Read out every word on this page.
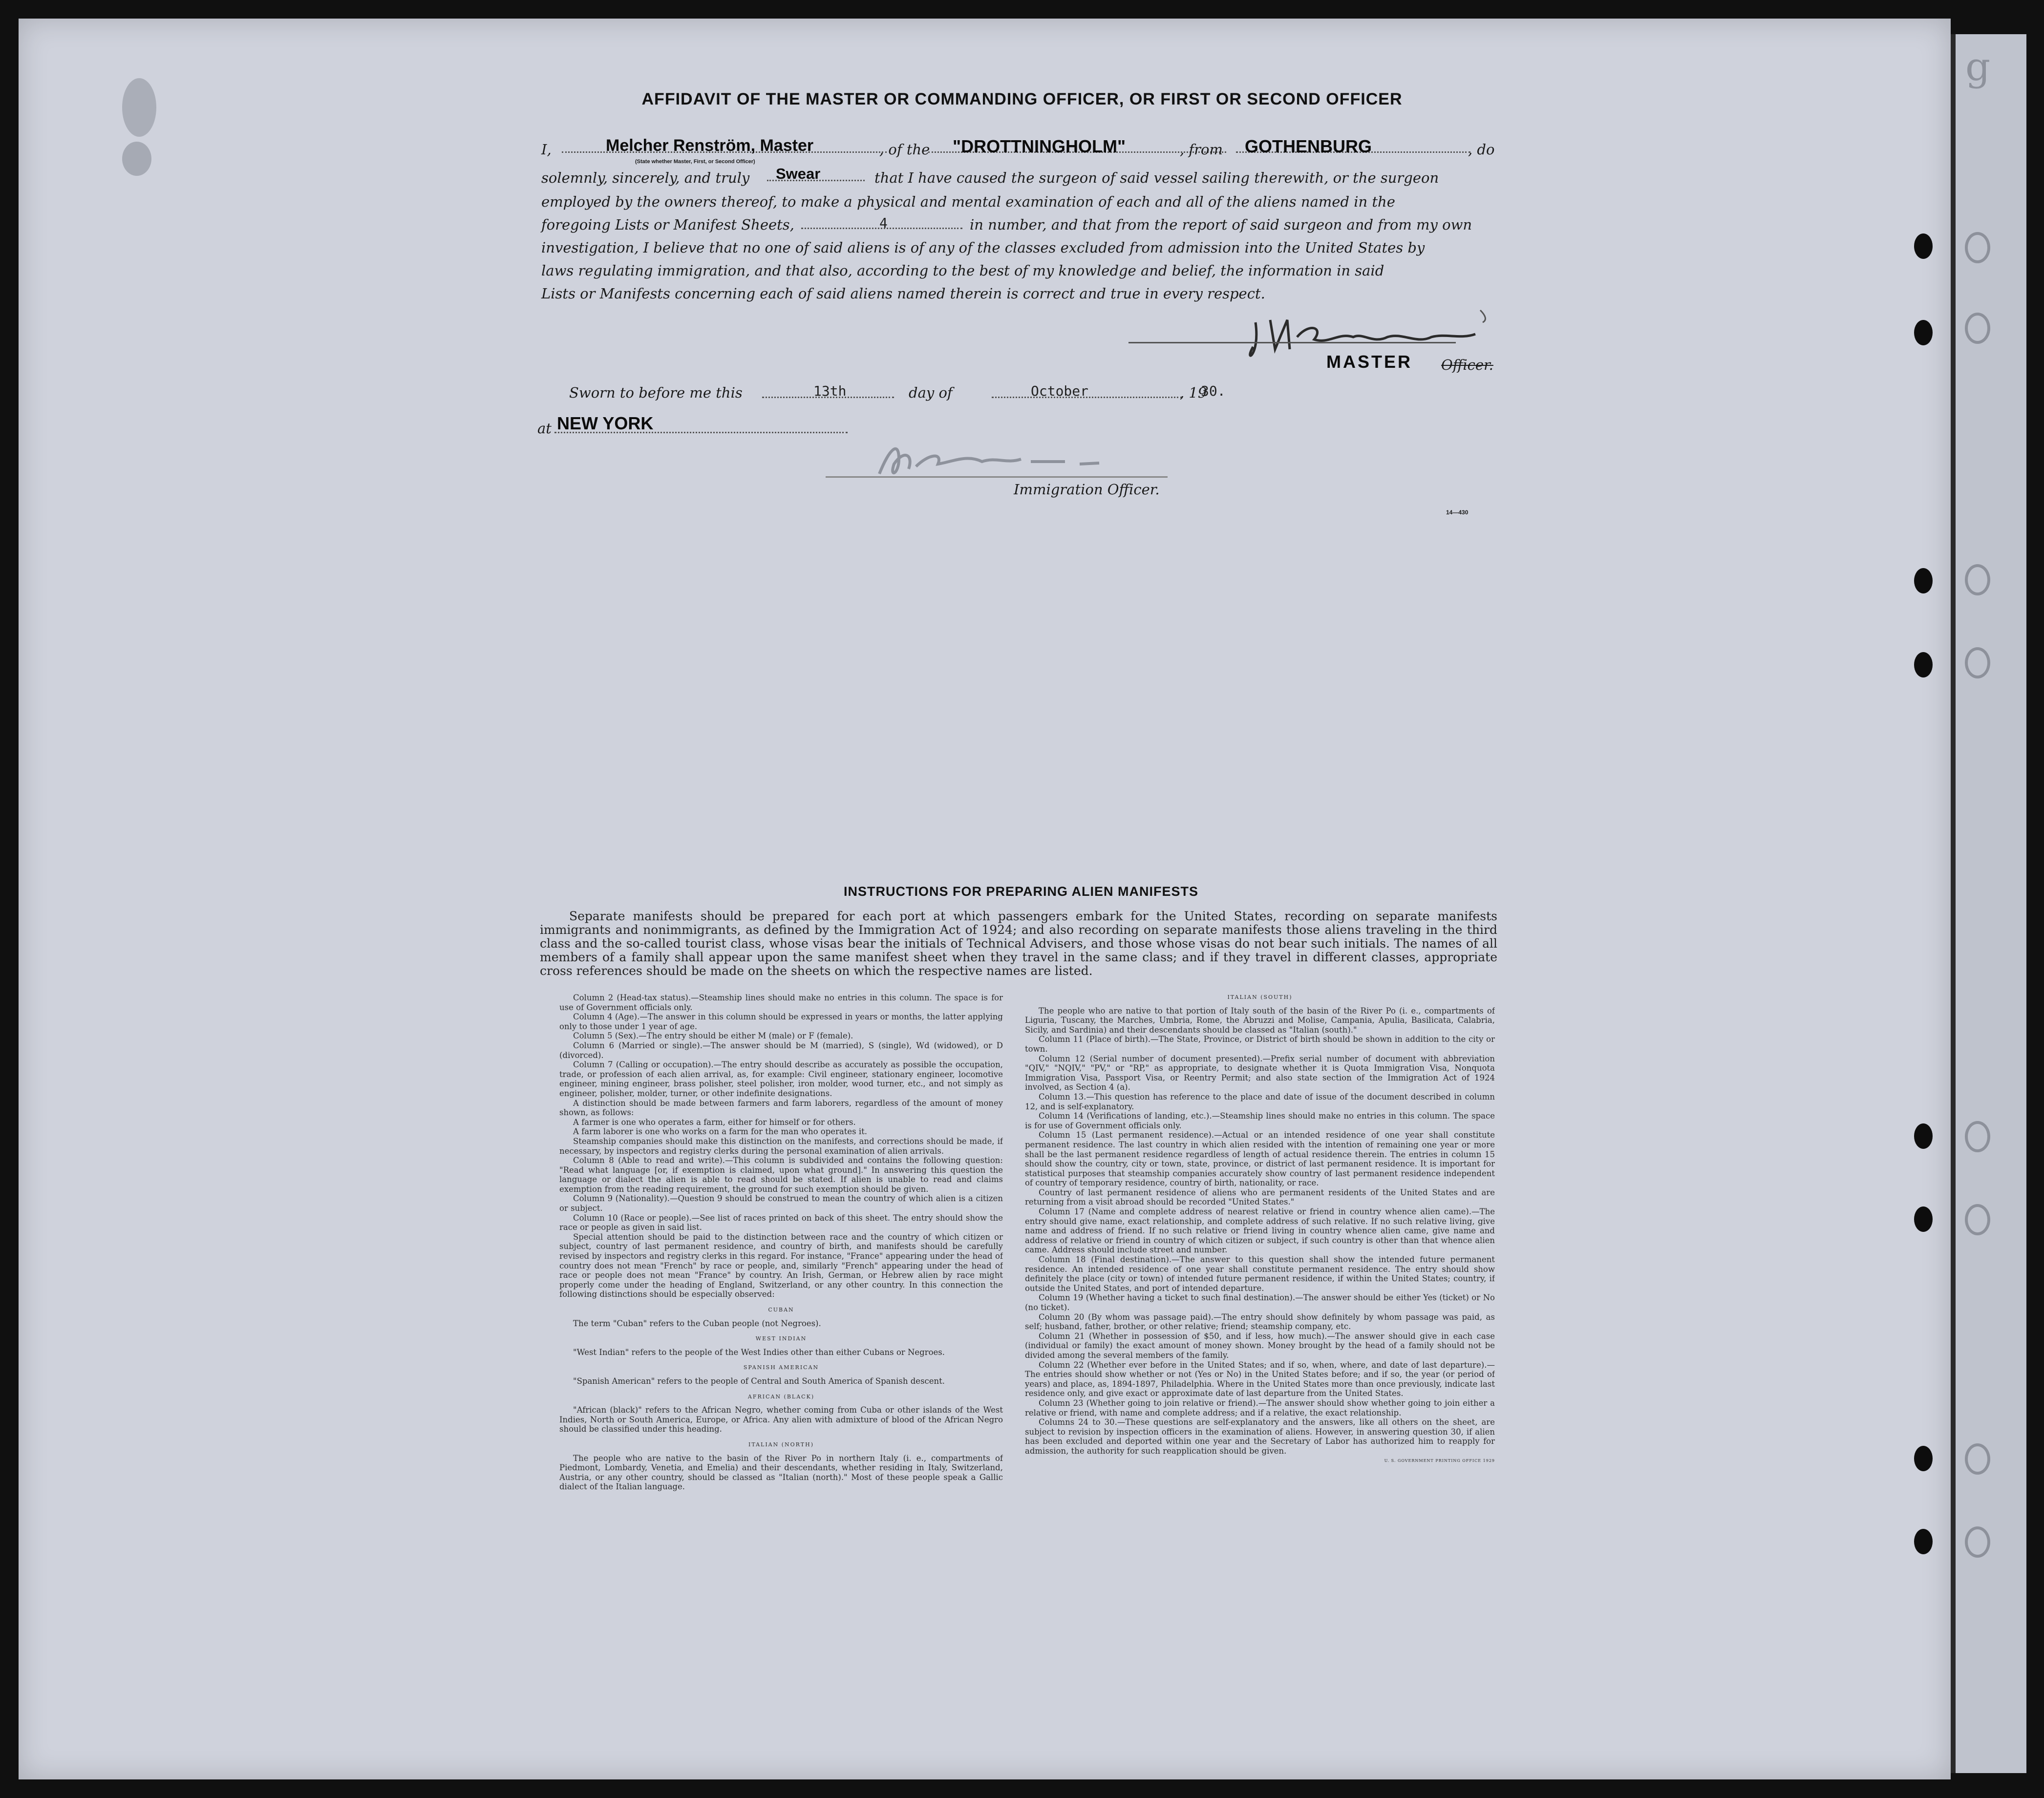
g
AFFIDAVIT OF THE MASTER OR COMMANDING OFFICER, OR FIRST OR SECOND OFFICER
I,	Melcher Renström, Master
(State whether Master, First, or Second Officer)
, of the "DROTTNINGHOLM"	, from GOTHENBURG	, do
solemnly, sincerely, and truly Swear	that I have caused the surgeon of said vessel sailing therewith, or the surgeon
employed by the owners thereof, to make a physical and mental examination of each and all of the aliens named in the
foregoing Lists or Manifest Sheets,	4	in number, and that from the report of said surgeon and from my own
investigation, I believe that no one of said aliens is of any of the classes excluded from admission into the United States by
laws regulating immigration, and that also, according to the best of my knowledge and belief, the information in said
Lists or Manifests concerning each of said aliens named therein is correct and true in every respect.
MASTER Officer.
Sworn to before me this	13th	day of	October	, 19
30.
at NEW YORK
Immigration Officer.
14—430
INSTRUCTIONS FOR PREPARING ALIEN MANIFESTS
Separate manifests should be prepared for each port at which passengers embark for the United States, recording on separate manifests immigrants and nonimmigrants, as defined by the Immigration Act of 1924; and also recording on separate manifests those aliens traveling in the third class and the so-called tourist class, whose visas bear the initials of Technical Advisers, and those whose visas do not bear such initials. The names of all members of a family shall appear upon the same manifest sheet when they travel in the same class; and if they travel in different classes, appropriate cross references should be made on the sheets on which the respective names are listed.

Column 2 (Head-tax status).—Steamship lines should make no entries in this column. The space is for use of Government officials only.

Column 4 (Age).—The answer in this column should be expressed in years or months, the latter applying only to those under 1 year of age.

Column 5 (Sex).—The entry should be either M (male) or F (female).

Column 6 (Married or single).—The answer should be M (married), S (single), Wd (widowed), or D (divorced).

Column 7 (Calling or occupation).—The entry should describe as accurately as possible the occupation, trade, or profession of each alien arrival, as, for example: Civil engineer, stationary engineer, locomotive engineer, mining engineer, brass polisher, steel polisher, iron molder, wood turner, etc., and not simply as engineer, polisher, molder, turner, or other indefinite designations.

A distinction should be made between farmers and farm laborers, regardless of the amount of money shown, as follows:

A farmer is one who operates a farm, either for himself or for others.

A farm laborer is one who works on a farm for the man who operates it.

Steamship companies should make this distinction on the manifests, and corrections should be made, if necessary, by inspectors and registry clerks during the personal examination of alien arrivals.

Column 8 (Able to read and write).—This column is subdivided and contains the following question: "Read what language [or, if exemption is claimed, upon what ground]." In answering this question the language or dialect the alien is able to read should be stated. If alien is unable to read and claims exemption from the reading requirement, the ground for such exemption should be given.

Column 9 (Nationality).—Question 9 should be construed to mean the country of which alien is a citizen or subject.

Column 10 (Race or people).—See list of races printed on back of this sheet. The entry should show the race or people as given in said list.

Special attention should be paid to the distinction between race and the country of which citizen or subject, country of last permanent residence, and country of birth, and manifests should be carefully revised by inspectors and registry clerks in this regard. For instance, "France" appearing under the head of country does not mean "French" by race or people, and, similarly "French" appearing under the head of race or people does not mean "France" by country. An Irish, German, or Hebrew alien by race might properly come under the heading of England, Switzerland, or any other country. In this connection the following distinctions should be especially observed:

CUBAN

The term "Cuban" refers to the Cuban people (not Negroes).

WEST INDIAN

"West Indian" refers to the people of the West Indies other than either Cubans or Negroes.

SPANISH AMERICAN

"Spanish American" refers to the people of Central and South America of Spanish descent.

AFRICAN (BLACK)

"African (black)" refers to the African Negro, whether coming from Cuba or other islands of the West Indies, North or South America, Europe, or Africa. Any alien with admixture of blood of the African Negro should be classified under this heading.

ITALIAN (NORTH)

The people who are native to the basin of the River Po in northern Italy (i. e., compartments of Piedmont, Lombardy, Venetia, and Emelia) and their descendants, whether residing in Italy, Switzerland, Austria, or any other country, should be classed as "Italian (north)." Most of these people speak a Gallic dialect of the Italian language.

ITALIAN (SOUTH)

The people who are native to that portion of Italy south of the basin of the River Po (i. e., compartments of Liguria, Tuscany, the Marches, Umbria, Rome, the Abruzzi and Molise, Campania, Apulia, Basilicata, Calabria, Sicily, and Sardinia) and their descendants should be classed as "Italian (south)."

Column 11 (Place of birth).—The State, Province, or District of birth should be shown in addition to the city or town.

Column 12 (Serial number of document presented).—Prefix serial number of document with abbreviation "QIV," "NQIV," "PV," or "RP," as appropriate, to designate whether it is Quota Immigration Visa, Nonquota Immigration Visa, Passport Visa, or Reentry Permit; and also state section of the Immigration Act of 1924 involved, as Section 4 (a).

Column 13.—This question has reference to the place and date of issue of the document described in column 12, and is self-explanatory.

Column 14 (Verifications of landing, etc.).—Steamship lines should make no entries in this column. The space is for use of Government officials only.

Column 15 (Last permanent residence).—Actual or an intended residence of one year shall constitute permanent residence. The last country in which alien resided with the intention of remaining one year or more shall be the last permanent residence regardless of length of actual residence therein. The entries in column 15 should show the country, city or town, state, province, or district of last permanent residence. It is important for statistical purposes that steamship companies accurately show country of last permanent residence independent of country of temporary residence, country of birth, nationality, or race.

Country of last permanent residence of aliens who are permanent residents of the United States and are returning from a visit abroad should be recorded "United States."

Column 17 (Name and complete address of nearest relative or friend in country whence alien came).—The entry should give name, exact relationship, and complete address of such relative. If no such relative living, give name and address of friend. If no such relative or friend living in country whence alien came, give name and address of relative or friend in country of which citizen or subject, if such country is other than that whence alien came. Address should include street and number.

Column 18 (Final destination).—The answer to this question shall show the intended future permanent residence. An intended residence of one year shall constitute permanent residence. The entry should show definitely the place (city or town) of intended future permanent residence, if within the United States; country, if outside the United States, and port of intended departure.

Column 19 (Whether having a ticket to such final destination).—The answer should be either Yes (ticket) or No (no ticket).

Column 20 (By whom was passage paid).—The entry should show definitely by whom passage was paid, as self; husband, father, brother, or other relative; friend; steamship company, etc.

Column 21 (Whether in possession of $50, and if less, how much).—The answer should give in each case (individual or family) the exact amount of money shown. Money brought by the head of a family should not be divided among the several members of the family.

Column 22 (Whether ever before in the United States; and if so, when, where, and date of last departure).—The entries should show whether or not (Yes or No) in the United States before; and if so, the year (or period of years) and place, as, 1894-1897, Philadelphia. Where in the United States more than once previously, indicate last residence only, and give exact or approximate date of last departure from the United States.

Column 23 (Whether going to join relative or friend).—The answer should show whether going to join either a relative or friend, with name and complete address; and if a relative, the exact relationship.

Columns 24 to 30.—These questions are self-explanatory and the answers, like all others on the sheet, are subject to revision by inspection officers in the examination of aliens. However, in answering question 30, if alien has been excluded and deported within one year and the Secretary of Labor has authorized him to reapply for admission, the authority for such reapplication should be given.

U. S. GOVERNMENT PRINTING OFFICE 1929
